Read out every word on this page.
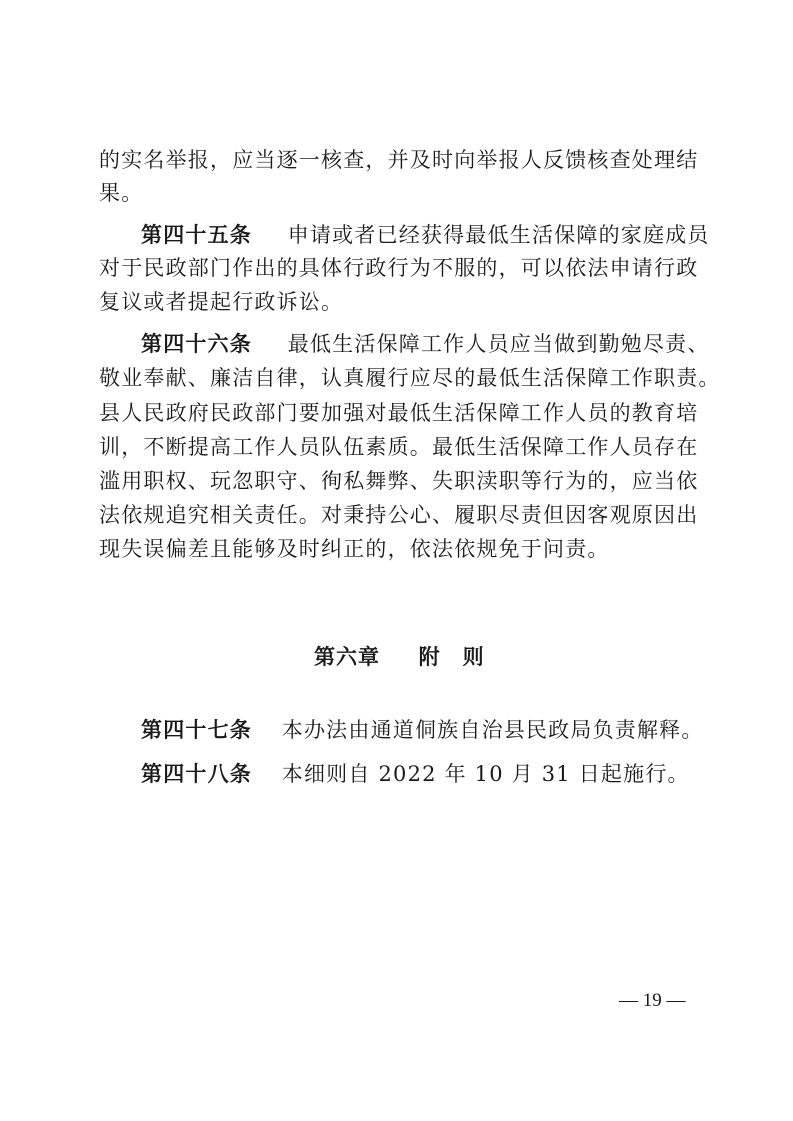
的实名举报，应当逐一核查，并及时向举报人反馈核查处理结
果。
第四十五条 申请或者已经获得最低生活保障的家庭成员
对于民政部门作出的具体行政行为不服的，可以依法申请行政
复议或者提起行政诉讼。
第四十六条 最低生活保障工作人员应当做到勤勉尽责、
敬业奉献、廉洁自律，认真履行应尽的最低生活保障工作职责。
县人民政府民政部门要加强对最低生活保障工作人员的教育培
训，不断提高工作人员队伍素质。最低生活保障工作人员存在
滥用职权、玩忽职守、徇私舞弊、失职渎职等行为的，应当依
法依规追究相关责任。对秉持公心、履职尽责但因客观原因出
现失误偏差且能够及时纠正的，依法依规免于问责。
第六章 附　则
第四十七条 本办法由通道侗族自治县民政局负责解释。
第四十八条 本细则自 2022 年 10 月 31 日起施行。
— 19 —
